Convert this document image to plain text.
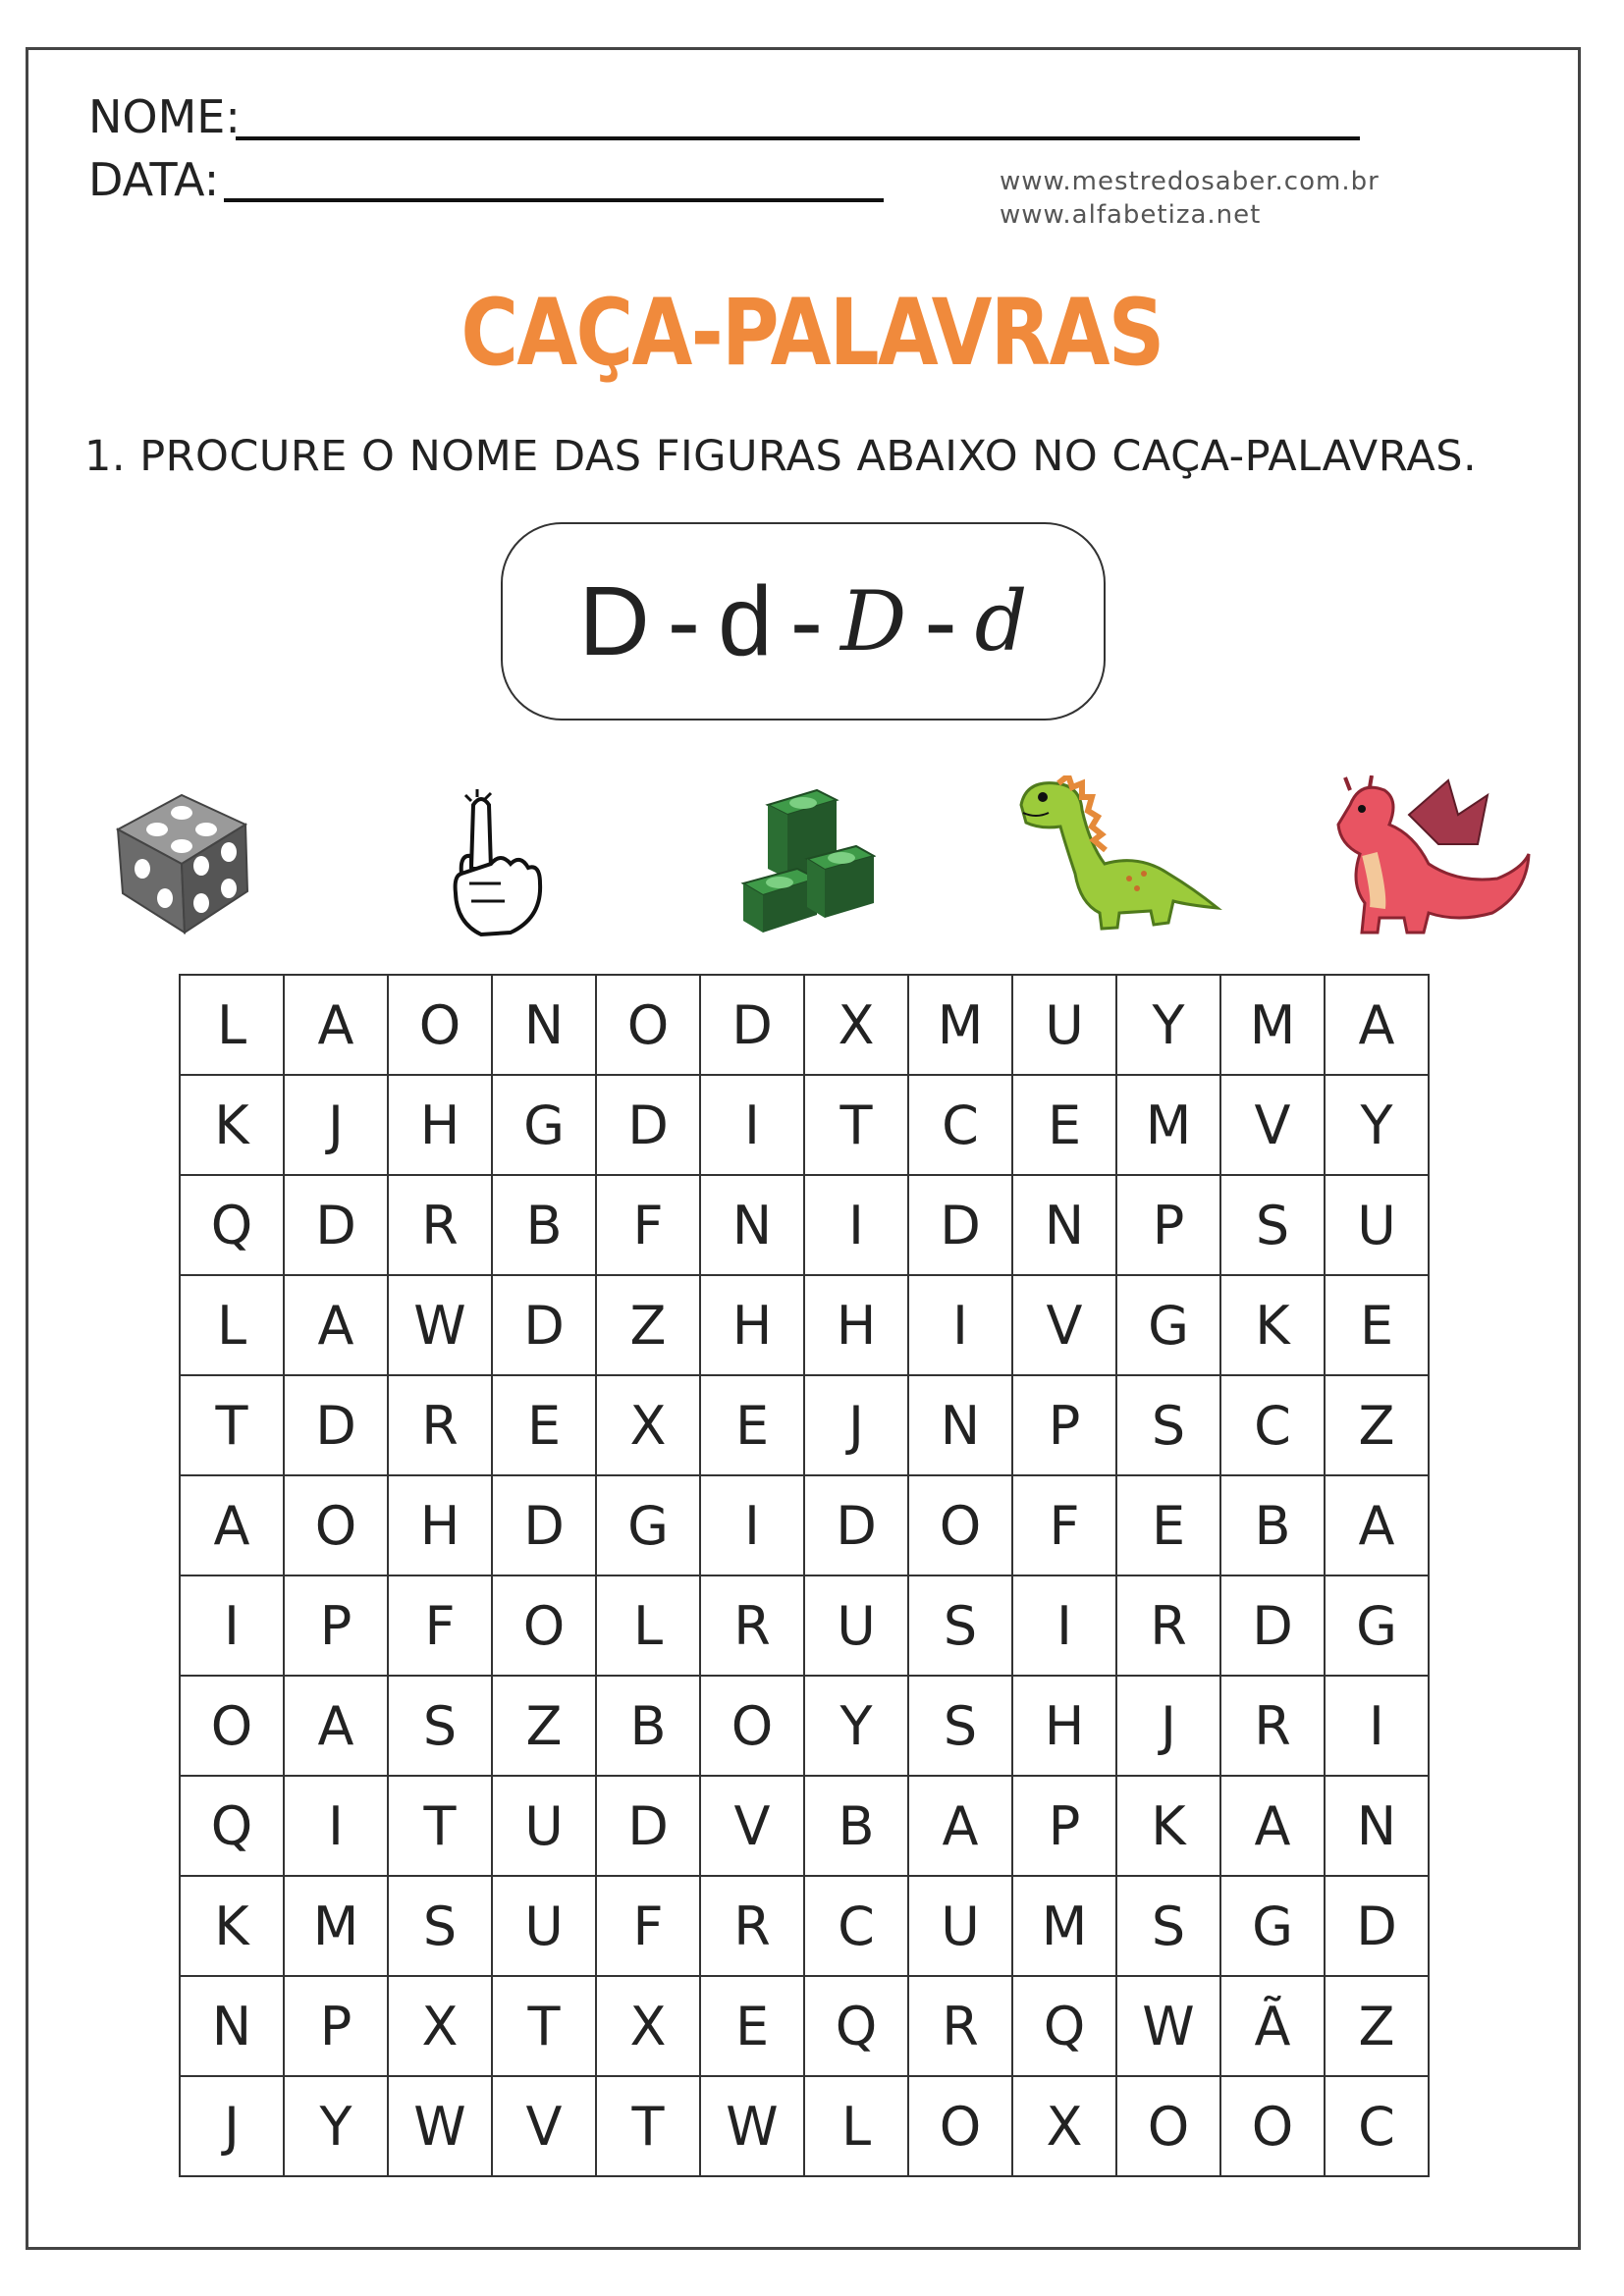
NOME:
DATA:	www.mestredosaber.com.br
www.alfabetiza.net
CAÇA-PALAVRAS
1. PROCURE O NOME DAS FIGURAS ABAIXO NO CAÇA-PALAVRAS.
D - d - D - d
L	A	O	N	O	D	X	M	U	Y	M	A
K	J	H	G	D	I	T	C	E	M	V	Y
Q	D	R	B	F	N	I	D	N	P	S	U
L	A	W	D	Z	H	H	I	V	G	K	E
T	D	R	E	X	E	J	N	P	S	C	Z
A	O	H	D	G	I	D	O	F	E	B	A
I	P	F	O	L	R	U	S	I	R	D	G
O	A	S	Z	B	O	Y	S	H	J	R	I
Q	I	T	U	D	V	B	A	P	K	A	N
K	M	S	U	F	R	C	U	M	S	G	D
N	P	X	T	X	E	Q	R	Q	W	Ã	Z
J	Y	W	V	T	W	L	O	X	O	O	C
